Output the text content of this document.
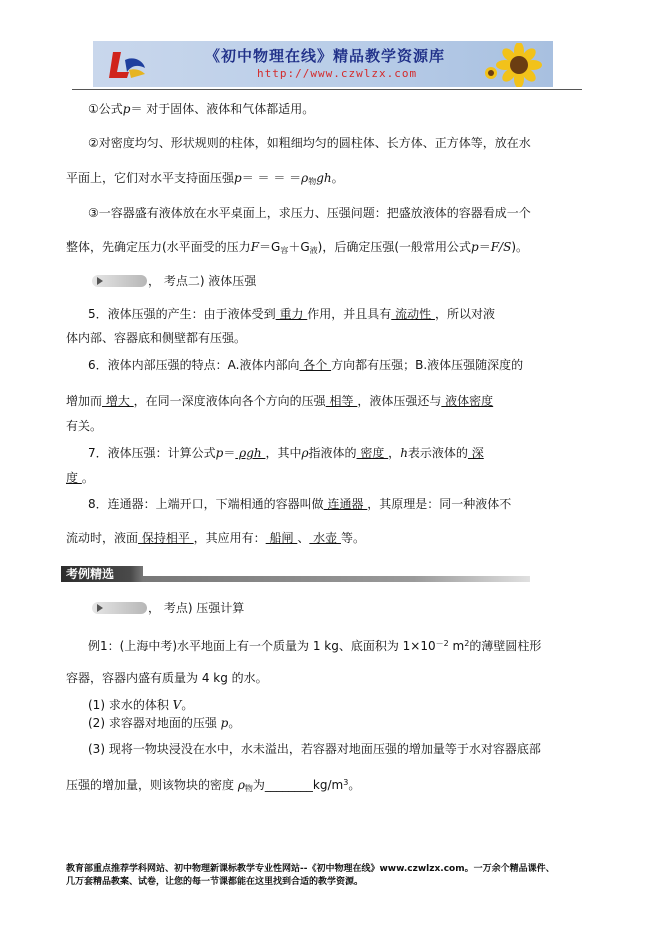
《初中物理在线》精品教学资源库
http://www.czwlzx.com
①公式p＝ 对于固体、液体和气体都适用。
②对密度均匀、形状规则的柱体，如粗细均匀的圆柱体、长方体、正方体等，放在水
平面上，它们对水平支持面压强p＝ ＝ ＝ $=\rho_物gh$。
③一容器盛有液体放在水平桌面上，求压力、压强问题：把盛放液体的容器看成一个
整体，先确定压力(水平面受的压力$F=G_容+G_液$)，后确定压强(一般常用公式p＝F/S)。
， 考点二) 液体压强
5．液体压强的产生：由于液体受到 重力 作用，并且具有 流动性 ，所以对液
体内部、容器底和侧壁都有压强。
6．液体内部压强的特点：A.液体内部向 各个 方向都有压强；B.液体压强随深度的
增加而 增大 ，在同一深度液体向各个方向的压强 相等 ，液体压强还与 液体密度
有关。
7．液体压强：计算公式p＝ ρgh ，其中ρ指液体的 密度 ，h表示液体的 深
度 。
8．连通器：上端开口，下端相通的容器叫做 连通器 ，其原理是：同一种液体不
流动时，液面 保持相平 ，其应用有： 船闸 、 水壶 等。
考例精选
， 考点) 压强计算
例1：(上海中考)水平地面上有一个质量为 1 kg、底面积为 $1\times 10^{-2}$ $m^2$的薄壁圆柱形
容器，容器内盛有质量为 4 kg 的水。
(1) 求水的体积 V。
(2) 求容器对地面的压强 p。
(3) 现将一物块浸没在水中，水未溢出，若容器对地面压强的增加量等于水对容器底部
压强的增加量，则该物块的密度 $\rho_物$为$\_\_\_\_\_\_\_\_kg/m^3$。
教育部重点推荐学科网站、初中物理新课标教学专业性网站--《初中物理在线》www.czwlzx.com。一万余个精品课件、
几万套精品教案、试卷，让您的每一节课都能在这里找到合适的教学资源。
